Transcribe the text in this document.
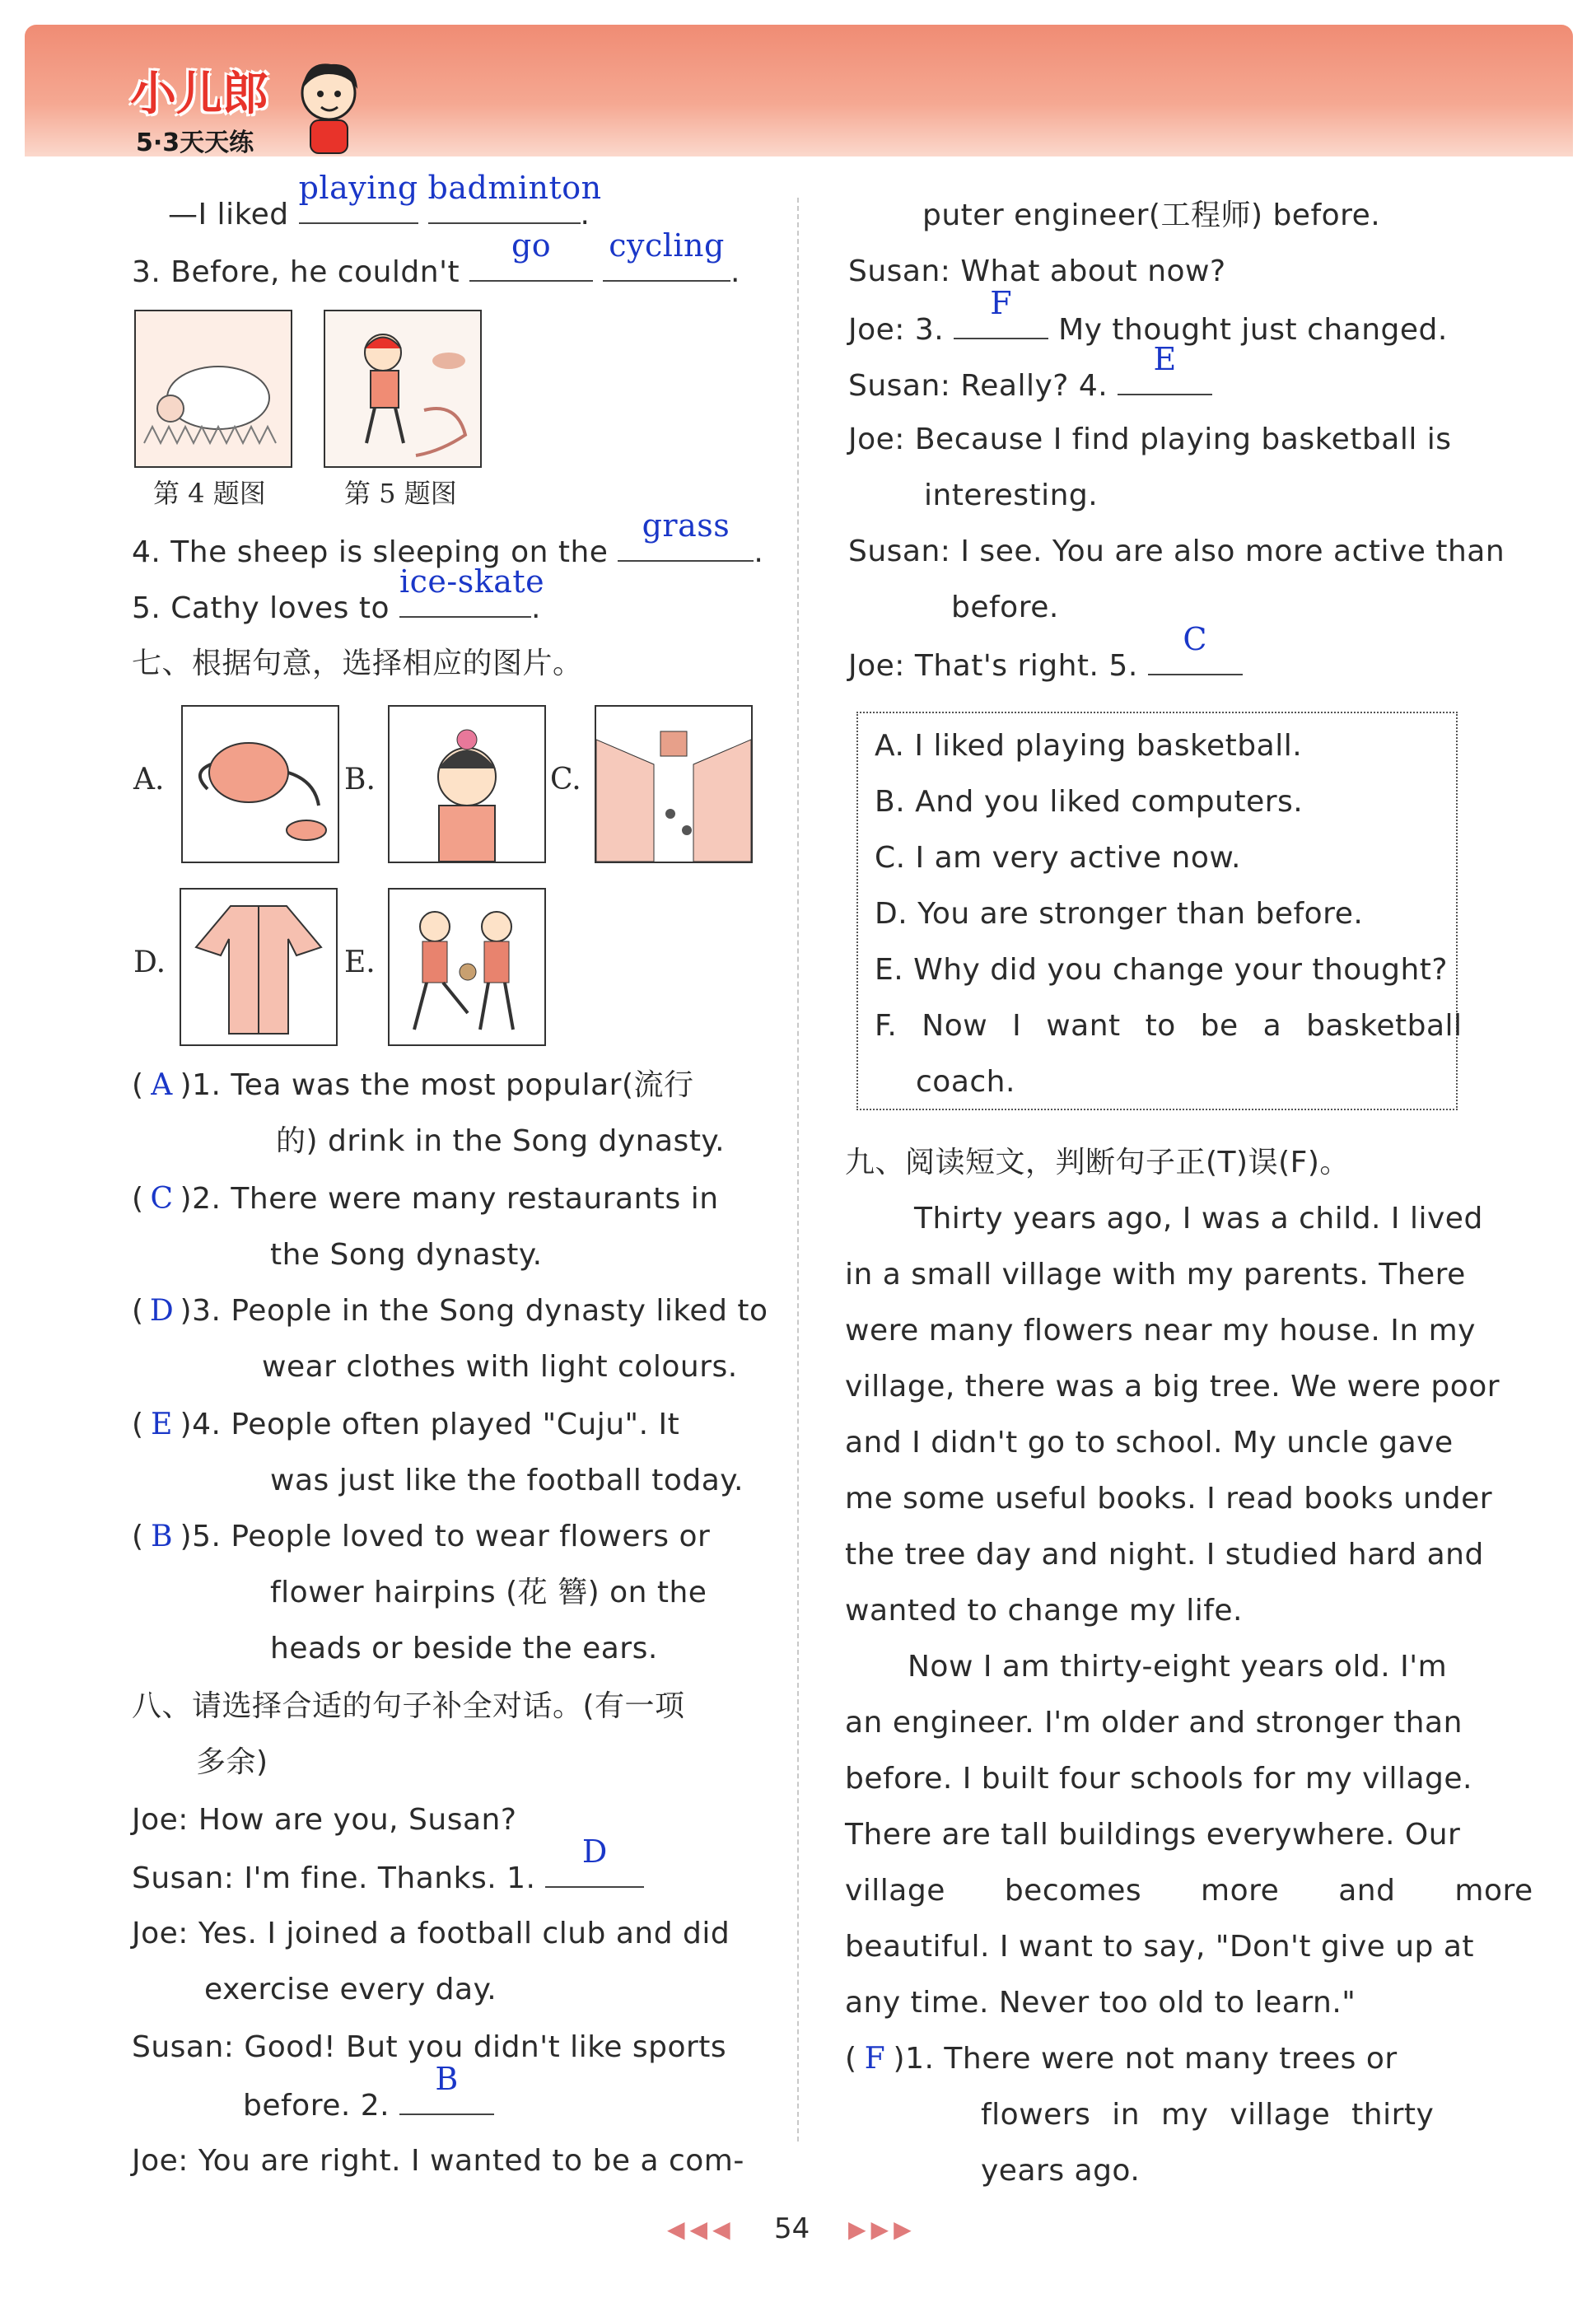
小儿郎
5·3天天练
—I liked
playing
badminton
.
3. Before, he couldn't
go
	cycling
.
第 4 题图	第 5 题图
4. The sheep is sleeping on the
grass
.
5. Cathy loves to
ice-skate
.
七、根据句意，选择相应的图片。
A.	B.	C.
D.	E.
( A )1. Tea was the most popular(流行
的) drink in the Song dynasty.
( C )2. There were many restaurants in
the Song dynasty.
( D )3. People in the Song dynasty liked to
wear clothes with light colours.
( E )4. People often played "Cuju". It
was just like the football today.
( B )5. People loved to wear flowers or
flower hairpins (花 簪) on the
heads or beside the ears.
八、请选择合适的句子补全对话。(有一项
多余)
Joe: How are you, Susan?
Susan: I'm fine. Thanks. 1.
D
Joe: Yes. I joined a football club and did
exercise every day.
Susan: Good! But you didn't like sports
before. 2.
B
Joe: You are right. I wanted to be a com-
puter engineer(工程师) before.
Susan: What about now?
Joe: 3.
F
My thought just changed.
Susan: Really? 4.
E
Joe: Because I find playing basketball is
interesting.
Susan: I see. You are also more active than
before.
Joe: That's right. 5.
C
A. I liked playing basketball.
B. And you liked computers.
C. I am very active now.
D. You are stronger than before.
E. Why did you change your thought?
F. Now I want to be a basketball
coach.
九、阅读短文，判断句子正(T)误(F)。
Thirty years ago, I was a child. I lived
in a small village with my parents. There
were many flowers near my house. In my
village, there was a big tree. We were poor
and I didn't go to school. My uncle gave
me some useful books. I read books under
the tree day and night. I studied hard and
wanted to change my life.
Now I am thirty-eight years old. I'm
an engineer. I'm older and stronger than
before. I built four schools for my village.
There are tall buildings everywhere. Our
village becomes more and more
beautiful. I want to say, "Don't give up at
any time. Never too old to learn."
( F )1. There were not many trees or
flowers in my village thirty
years ago.
◀◀◀ 54 ▶▶▶
